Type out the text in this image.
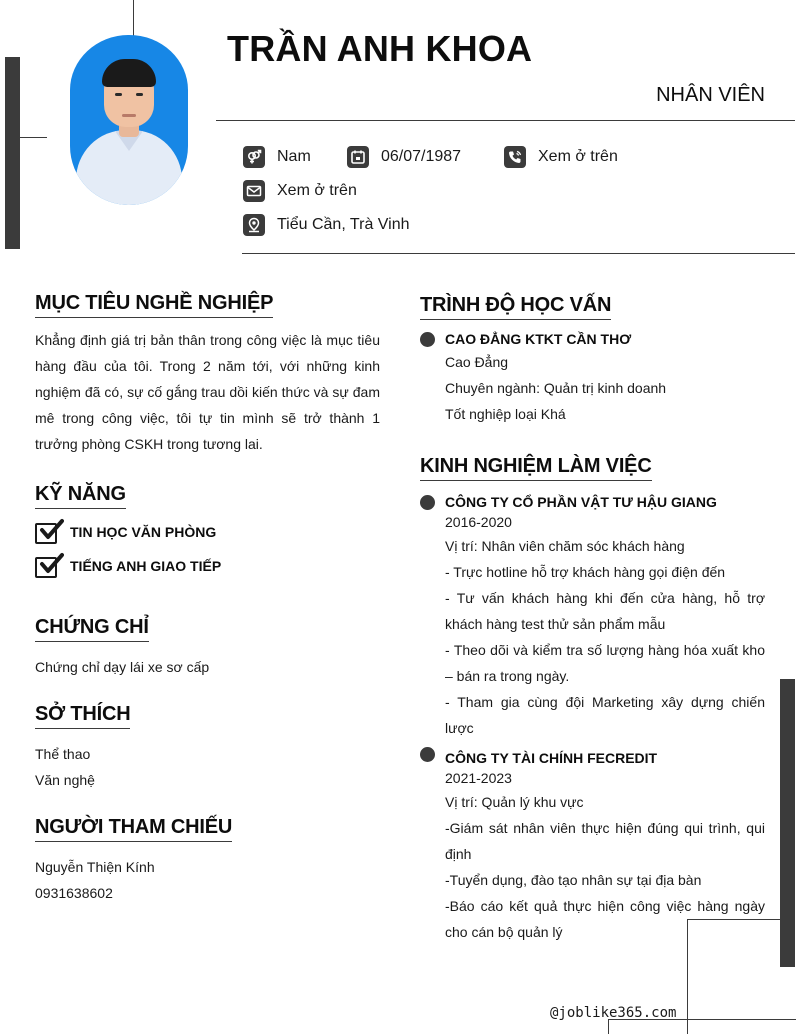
TRẦN ANH KHOA
NHÂN VIÊN
Nam	06/07/1987	Xem ở trên
Xem ở trên
Tiểu Cần, Trà Vinh
MỤC TIÊU NGHỀ NGHIỆP
Khẳng định giá trị bản thân trong công việc là mục tiêu hàng đầu của tôi. Trong 2 năm tới, với những kinh nghiệm đã có, sự cố gắng trau dồi kiến thức và sự đam mê trong công việc, tôi tự tin mình sẽ trở thành 1 trưởng phòng CSKH trong tương lai.
KỸ NĂNG
TIN HỌC VĂN PHÒNG
TIẾNG ANH GIAO TIẾP
CHỨNG CHỈ
Chứng chỉ dạy lái xe sơ cấp
SỞ THÍCH
Thể thao
Văn nghệ
NGƯỜI THAM CHIẾU
Nguyễn Thiện Kính
0931638602
TRÌNH ĐỘ HỌC VẤN
CAO ĐẲNG KTKT CẦN THƠ
Cao Đẳng
Chuyên ngành: Quản trị kinh doanh
Tốt nghiệp loại Khá
KINH NGHIỆM LÀM VIỆC
CÔNG TY CỔ PHẦN VẬT TƯ HẬU GIANG
2016-2020
Vị trí: Nhân viên chăm sóc khách hàng
- Trực hotline hỗ trợ khách hàng gọi điện đến
- Tư vấn khách hàng khi đến cửa hàng, hỗ trợ khách hàng test thử sản phẩm mẫu
- Theo dõi và kiểm tra số lượng hàng hóa xuất kho – bán ra trong ngày.
- Tham gia cùng đội Marketing xây dựng chiến lược
CÔNG TY TÀI CHÍNH FECREDIT
2021-2023
Vị trí: Quản lý khu vực
-Giám sát nhân viên thực hiện đúng qui trình, qui định
-Tuyển dụng, đào tạo nhân sự tại địa bàn
-Báo cáo kết quả thực hiện công việc hàng ngày cho cán bộ quản lý
@joblike365.com
